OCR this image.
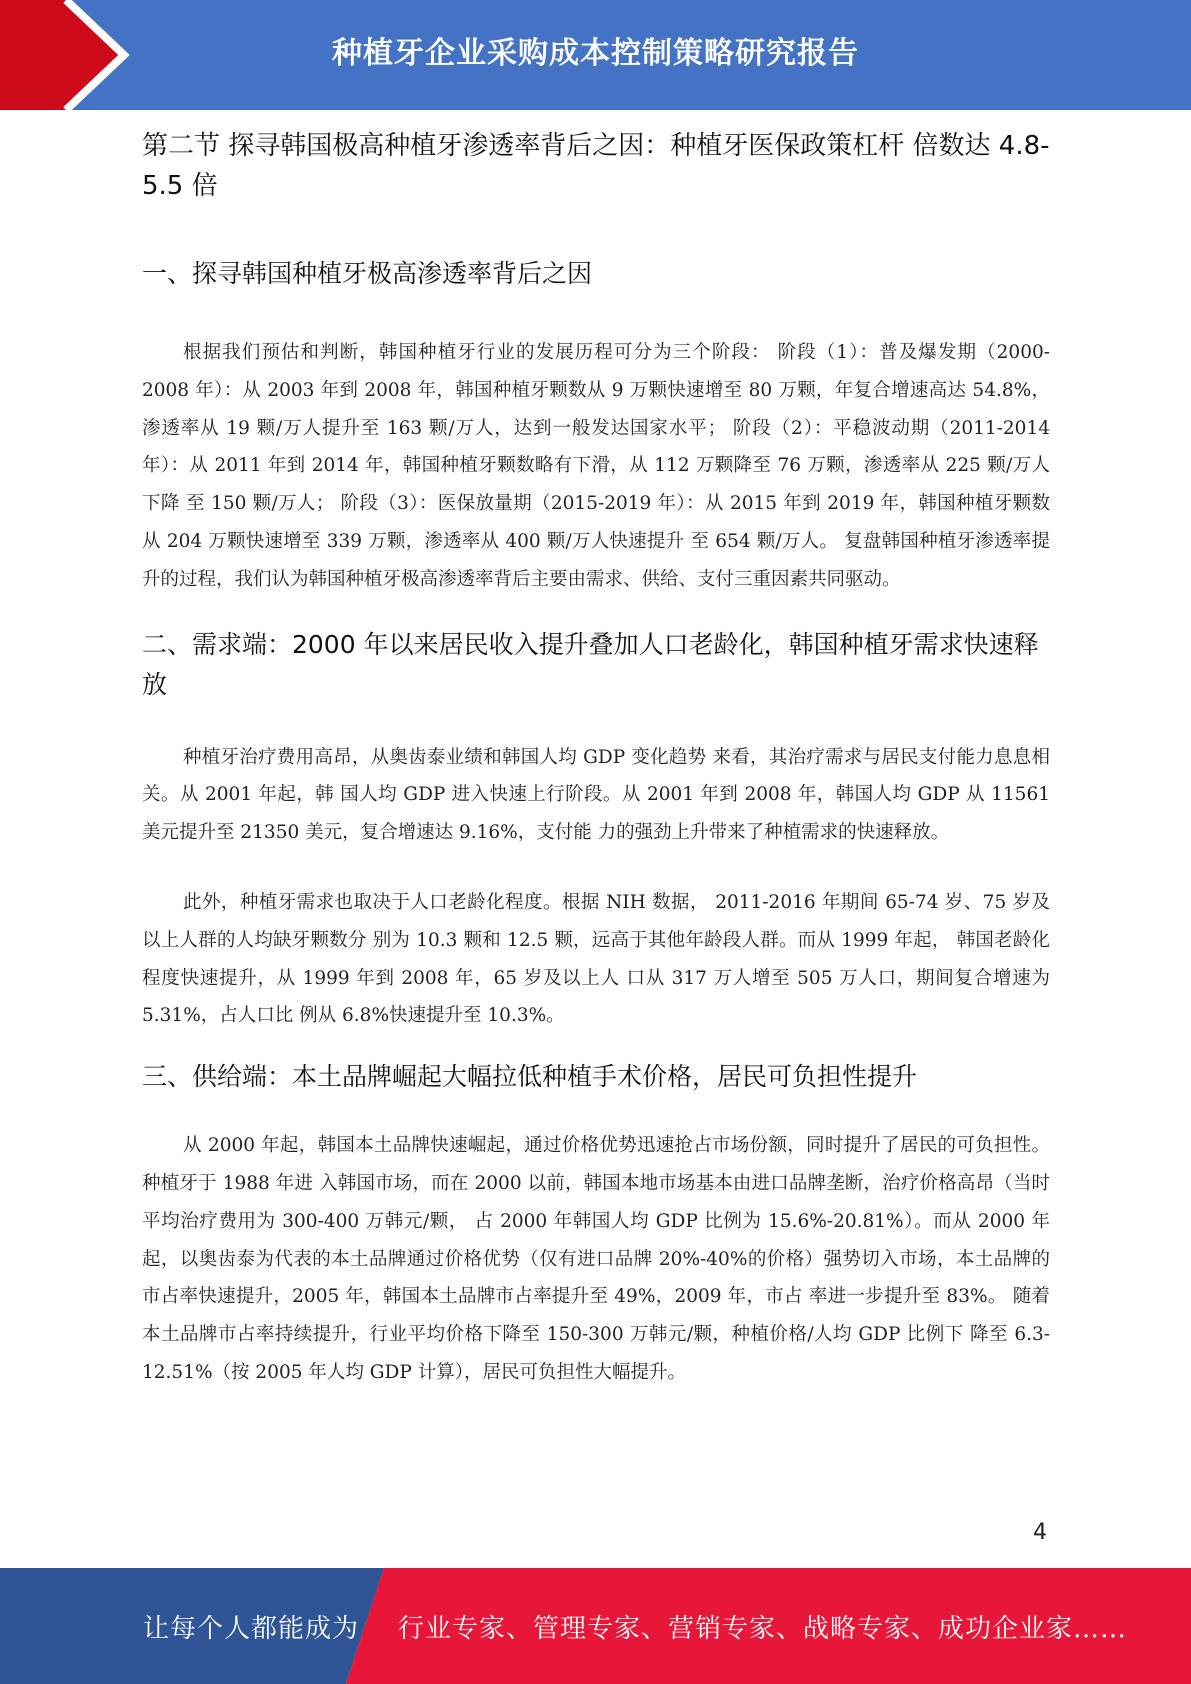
种植牙企业采购成本控制策略研究报告
第二节 探寻韩国极高种植牙渗透率背后之因：种植牙医保政策杠杆 倍数达 4.8-5.5 倍
一、探寻韩国种植牙极高渗透率背后之因

根据我们预估和判断，韩国种植牙行业的发展历程可分为三个阶段： 阶段（1）：普及爆发期（2000-2008 年）：从 2003 年到 2008 年，韩国种植牙颗数从 9 万颗快速增至 80 万颗，年复合增速高达 54.8%，渗透率从 19 颗/万人提升至 163 颗/万人，达到一般发达国家水平； 阶段（2）：平稳波动期（2011-2014 年）：从 2011 年到 2014 年，韩国种植牙颗数略有下滑，从 112 万颗降至 76 万颗，渗透率从 225 颗/万人下降 至 150 颗/万人； 阶段（3）：医保放量期（2015-2019 年）：从 2015 年到 2019 年，韩国种植牙颗数从 204 万颗快速增至 339 万颗，渗透率从 400 颗/万人快速提升 至 654 颗/万人。 复盘韩国种植牙渗透率提升的过程，我们认为韩国种植牙极高渗透率背后主要由需求、供给、支付三重因素共同驱动。

二、需求端：2000 年以来居民收入提升叠加人口老龄化，韩国种植牙需求快速释放

种植牙治疗费用高昂，从奥齿泰业绩和韩国人均 GDP 变化趋势 来看，其治疗需求与居民支付能力息息相关。从 2001 年起，韩 国人均 GDP 进入快速上行阶段。从 2001 年到 2008 年，韩国人均 GDP 从 11561 美元提升至 21350 美元，复合增速达 9.16%，支付能 力的强劲上升带来了种植需求的快速释放。

此外，种植牙需求也取决于人口老龄化程度。根据 NIH 数据， 2011-2016 年期间 65-74 岁、75 岁及以上人群的人均缺牙颗数分 别为 10.3 颗和 12.5 颗，远高于其他年龄段人群。而从 1999 年起， 韩国老龄化程度快速提升，从 1999 年到 2008 年，65 岁及以上人 口从 317 万人增至 505 万人口，期间复合增速为 5.31%，占人口比 例从 6.8%快速提升至 10.3%。

三、供给端：本土品牌崛起大幅拉低种植手术价格，居民可负担性提升

从 2000 年起，韩国本土品牌快速崛起，通过价格优势迅速抢占市场份额，同时提升了居民的可负担性。种植牙于 1988 年进 入韩国市场，而在 2000 以前，韩国本地市场基本由进口品牌垄断，治疗价格高昂（当时平均治疗费用为 300-400 万韩元/颗， 占 2000 年韩国人均 GDP 比例为 15.6%-20.81%）。而从 2000 年起，以奥齿泰为代表的本土品牌通过价格优势（仅有进口品牌 20%-40%的价格）强势切入市场，本土品牌的市占率快速提升，2005 年，韩国本土品牌市占率提升至 49%，2009 年，市占 率进一步提升至 83%。 随着本土品牌市占率持续提升，行业平均价格下降至 150-300 万韩元/颗，种植价格/人均 GDP 比例下 降至 6.3-12.51%（按 2005 年人均 GDP 计算），居民可负担性大幅提升。

4
让每个人都能成为 行业专家、管理专家、营销专家、战略专家、成功企业家……
